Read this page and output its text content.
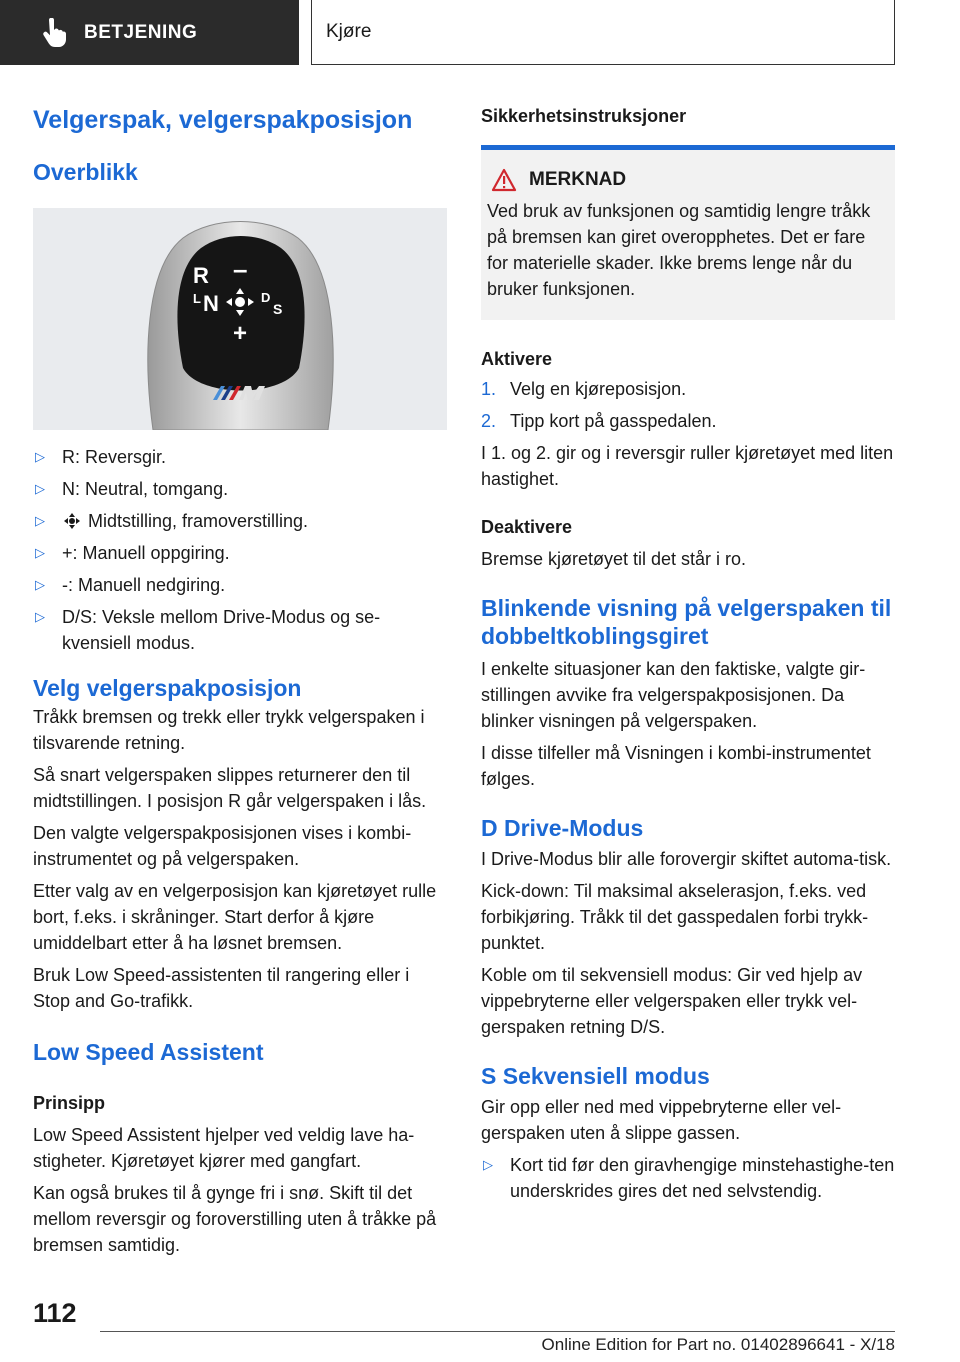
BETJENING	Kjøre
Velgerspak, velgerspakposisjon
Overblikk
R –
L N	D
S
+
▷ R: Reversgir.
▷ N: Neutral, tomgang.
▷ Midtstilling, framoverstilling.
▷ +: Manuell oppgiring.
▷ -: Manuell nedgiring.
▷ D/S: Veksle mellom Drive-Modus og se-kvensiell modus.
Velg velgerspakposisjon

Tråkk bremsen og trekk eller trykk velgerspaken i tilsvarende retning.

Så snart velgerspaken slippes returnerer den til midtstillingen. I posisjon R går velgerspaken i lås.

Den valgte velgerspakposisjonen vises i kombi-instrumentet og på velgerspaken.

Etter valg av en velgerposisjon kan kjøretøyet rulle bort, f.eks. i skråninger. Start derfor å kjøre umiddelbart etter å ha løsnet bremsen.

Bruk Low Speed-assistenten til rangering eller i Stop and Go-trafikk.

Low Speed Assistent
Prinsipp

Low Speed Assistent hjelper ved veldig lave ha-stigheter. Kjøretøyet kjører med gangfart.

Kan også brukes til å gynge fri i snø. Skift til det mellom reversgir og foroverstilling uten å tråkke på bremsen samtidig.

Sikkerhetsinstruksjoner
MERKNAD

Ved bruk av funksjonen og samtidig lengre tråkk på bremsen kan giret overopphetes. Det er fare for materielle skader. Ikke brems lenge når du bruker funksjonen.

Aktivere
1. Velg en kjøreposisjon.
2. Tipp kort på gasspedalen.

I 1. og 2. gir og i reversgir ruller kjøretøyet med liten hastighet.

Deaktivere

Bremse kjøretøyet til det står i ro.

Blinkende visning på velgerspaken til dobbeltkoblingsgiret

I enkelte situasjoner kan den faktiske, valgte gir-stillingen avvike fra velgerspakposisjonen. Da blinker visningen på velgerspaken.

I disse tilfeller må Visningen i kombi-instrumentet følges.

D Drive-Modus

I Drive-Modus blir alle forovergir skiftet automa-tisk.

Kick-down: Til maksimal akselerasjon, f.eks. ved forbikjøring. Tråkk til det gasspedalen forbi trykk-punktet.

Koble om til sekvensiell modus: Gir ved hjelp av vippebryterne eller velgerspaken eller trykk vel-gerspaken retning D/S.

S Sekvensiell modus

Gir opp eller ned med vippebryterne eller vel-gerspaken uten å slippe gassen.

▷ Kort tid før den giravhengige minstehastighe-ten underskrides gires det ned selvstendig.
112
Online Edition for Part no. 01402896641 - X/18
